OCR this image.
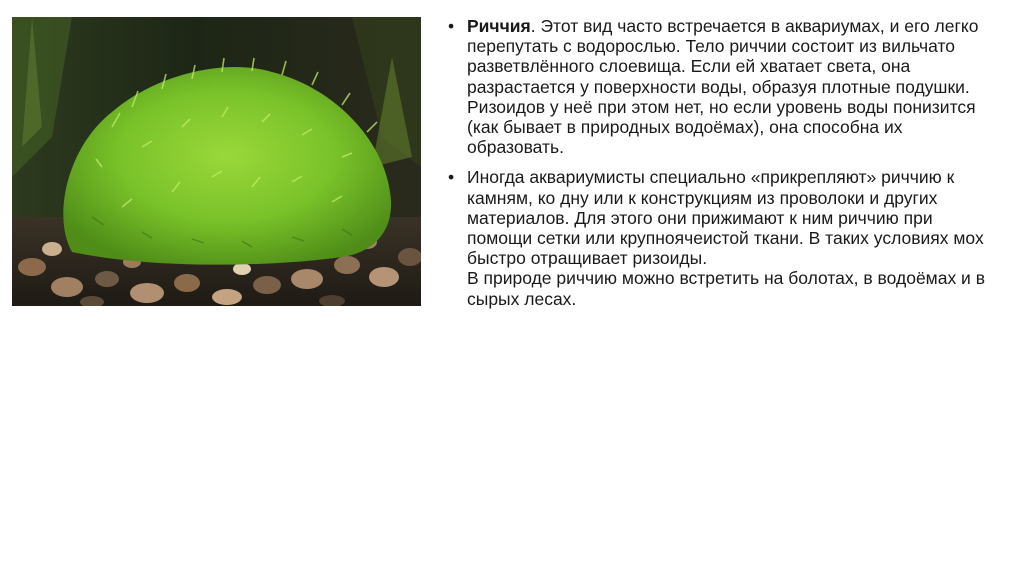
• Риччия. Этот вид часто встречается в аквариумах, и его легко перепутать с водорослью. Тело риччии состоит из вильчато разветвлённого слоевища. Если ей хватает света, она разрастается у поверхности воды, образуя плотные подушки. Ризоидов у неё при этом нет, но если уровень воды понизится (как бывает в природных водоёмах), она способна их образовать.

• Иногда аквариумисты специально «прикрепляют» риччию к камням, ко дну или к конструкциям из проволоки и других материалов. Для этого они прижимают к ним риччию при помощи сетки или крупноячеистой ткани. В таких условиях мох быстро отращивает ризоиды.

В природе риччию можно встретить на болотах, в водоёмах и в сырых лесах.
